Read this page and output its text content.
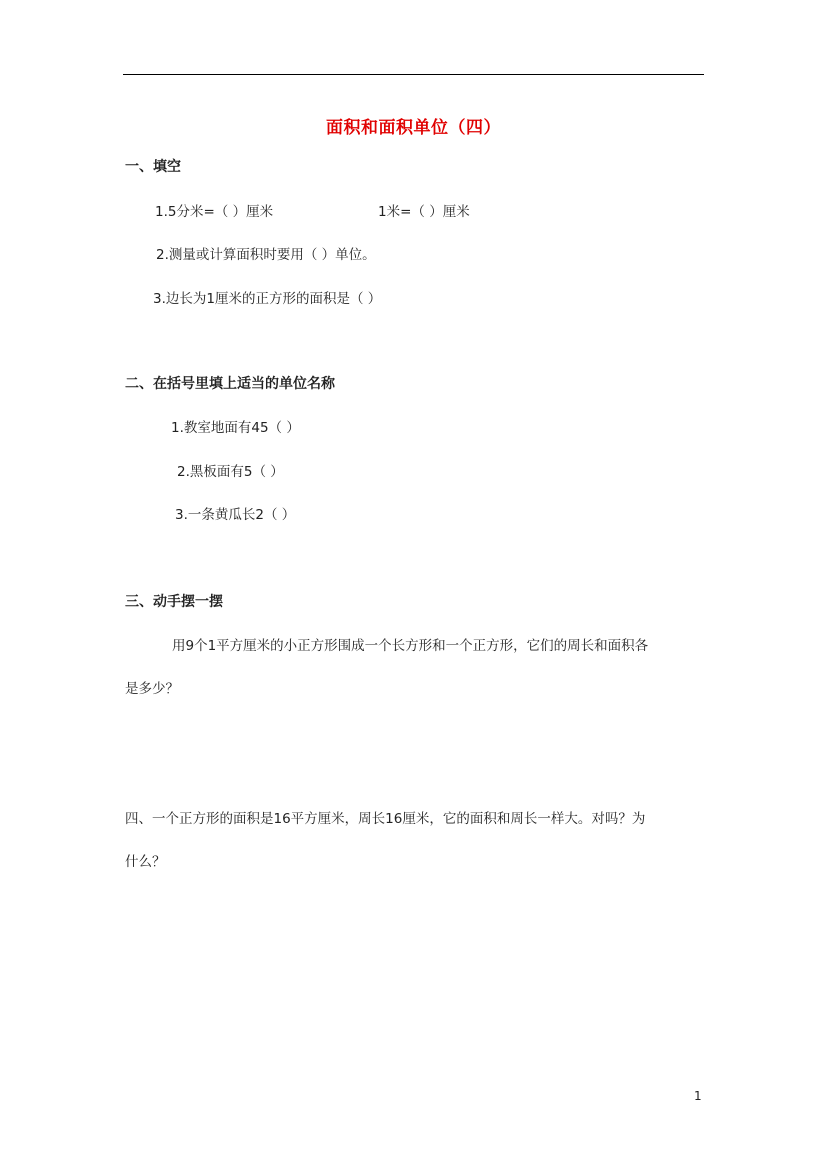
面积和面积单位（四）
一、填空
1.5分米=（ ）厘米	1米=（ ）厘米
2.测量或计算面积时要用（ ）单位。
3.边长为1厘米的正方形的面积是（ ）
二、在括号里填上适当的单位名称
1.教室地面有45（ ）
2.黑板面有5（ ）
3.一条黄瓜长2（ ）
三、动手摆一摆
用9个1平方厘米的小正方形围成一个长方形和一个正方形，它们的周长和面积各
是多少？
四、一个正方形的面积是16平方厘米，周长16厘米，它的面积和周长一样大。对吗？为
什么？
1
